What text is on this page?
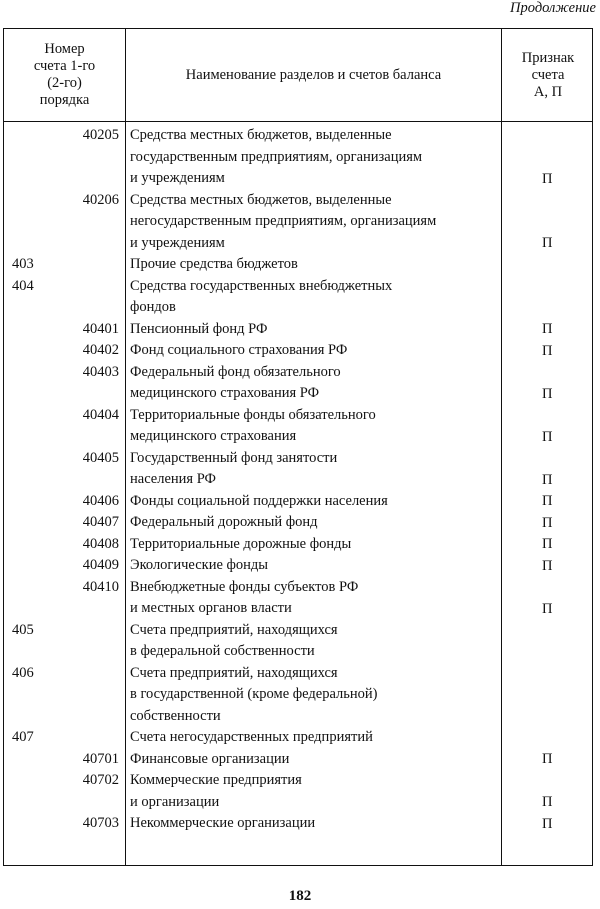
Продолжение
Номер
счета 1-го
(2-го)
порядка
Наименование разделов и счетов баланса
Признак
счета
А, П
40205 Средства местных бюджетов, выделенные
государственным предприятиям, организациям
и учреждениям	П
40206 Средства местных бюджетов, выделенные
негосударственным предприятиям, организациям
и учреждениям	П
403	Прочие средства бюджетов
404	Средства государственных внебюджетных
фондов
40401 Пенсионный фонд РФ	П
40402 Фонд социального страхования РФ	П
40403 Федеральный фонд обязательного
медицинского страхования РФ	П
40404 Территориальные фонды обязательного
медицинского страхования	П
40405 Государственный фонд занятости
населения РФ	П
40406 Фонды социальной поддержки населения	П
40407 Федеральный дорожный фонд	П
40408 Территориальные дорожные фонды	П
40409 Экологические фонды	П
40410 Внебюджетные фонды субъектов РФ
и местных органов власти	П
405	Счета предприятий, находящихся
в федеральной собственности
406	Счета предприятий, находящихся
в государственной (кроме федеральной)
собственности
407	Счета негосударственных предприятий
40701 Финансовые организации	П
40702 Коммерческие предприятия
и организации	П
40703 Некоммерческие организации	П
182
